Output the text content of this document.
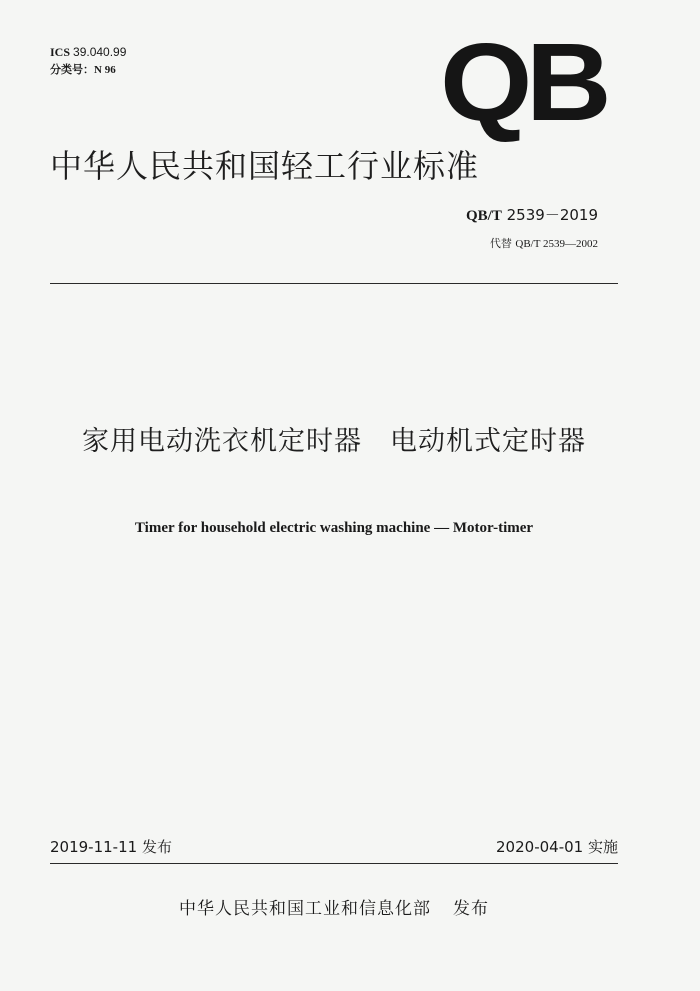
ICS 39.040.99
分类号：N 96	QB
中华人民共和国轻工行业标准
QB/T 2539－2019
代替 QB/T 2539—2002
家用电动洗衣机定时器　电动机式定时器
Timer for household electric washing machine — Motor-timer
2019-11-11 发布	2020-04-01 实施
中华人民共和国工业和信息化部 发布
